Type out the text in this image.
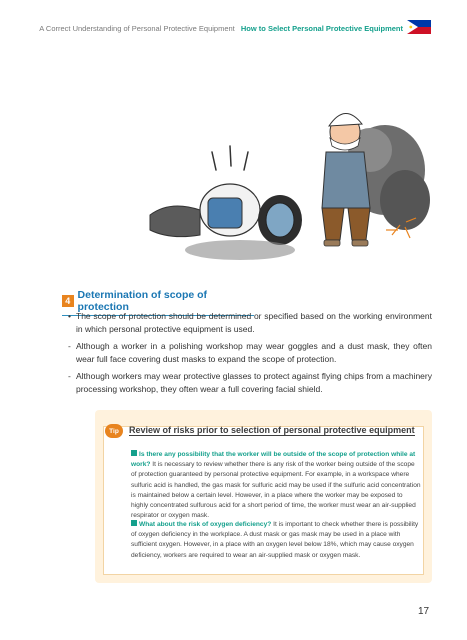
A Correct Understanding of Personal Protective Equipment How to Select Personal Protective Equipment
4 Determination of scope of protection
• The scope of protection should be determined or specified based on the working environment in which personal protective equipment is used.
- Although a worker in a polishing workshop may wear goggles and a dust mask, they often wear full face covering dust masks to expand the scope of protection.
- Although workers may wear protective glasses to protect against flying chips from a machinery processing workshop, they often wear a full covering facial shield.
Tip	Review of risks prior to selection of personal protective equipment
Is there any possibility that the worker will be outside of the scope of protection while at work? It is necessary to review whether there is any risk of the worker being outside of the scope of protection guaranteed by personal protective equipment. For example, in a workspace where sulfuric acid is handled, the gas mask for sulfuric acid may be used if the sulfuric acid concentration is maintained below a certain level. However, in a place where the worker may be exposed to highly concentrated sulfurous acid for a short period of time, the worker must wear an air-supplied respirator or oxygen mask.
What about the risk of oxygen deficiency? It is important to check whether there is possibility of oxygen deficiency in the workplace. A dust mask or gas mask may be used in a place with sufficient oxygen. However, in a place with an oxygen level below 18%, which may cause oxygen deficiency, workers are required to wear an air-supplied mask or oxygen mask.
17
